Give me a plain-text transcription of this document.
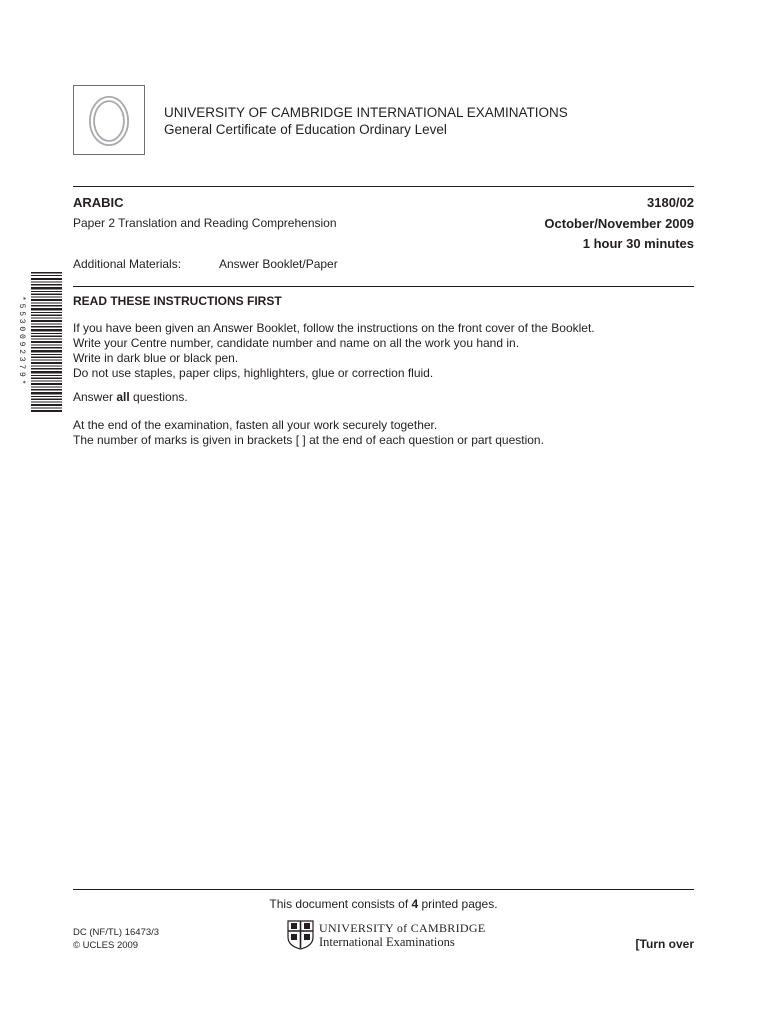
UNIVERSITY OF CAMBRIDGE INTERNATIONAL EXAMINATIONS
General Certificate of Education Ordinary Level
ARABIC	3180/02
Paper 2 Translation and Reading Comprehension	October/November 2009
1 hour 30 minutes
Additional Materials:	Answer Booklet/Paper
*5530092379*	READ THESE INSTRUCTIONS FIRST

If you have been given an Answer Booklet, follow the instructions on the front cover of the Booklet.

Write your Centre number, candidate number and name on all the work you hand in.

Write in dark blue or black pen.

Do not use staples, paper clips, highlighters, glue or correction fluid.

Answer all questions.

At the end of the examination, fasten all your work securely together.

The number of marks is given in brackets [ ] at the end of each question or part question.

This document consists of 4 printed pages.
DC (NF/TL) 16473/3
© UCLES 2009
UNIVERSITY of CAMBRIDGE
International Examinations	[Turn over
